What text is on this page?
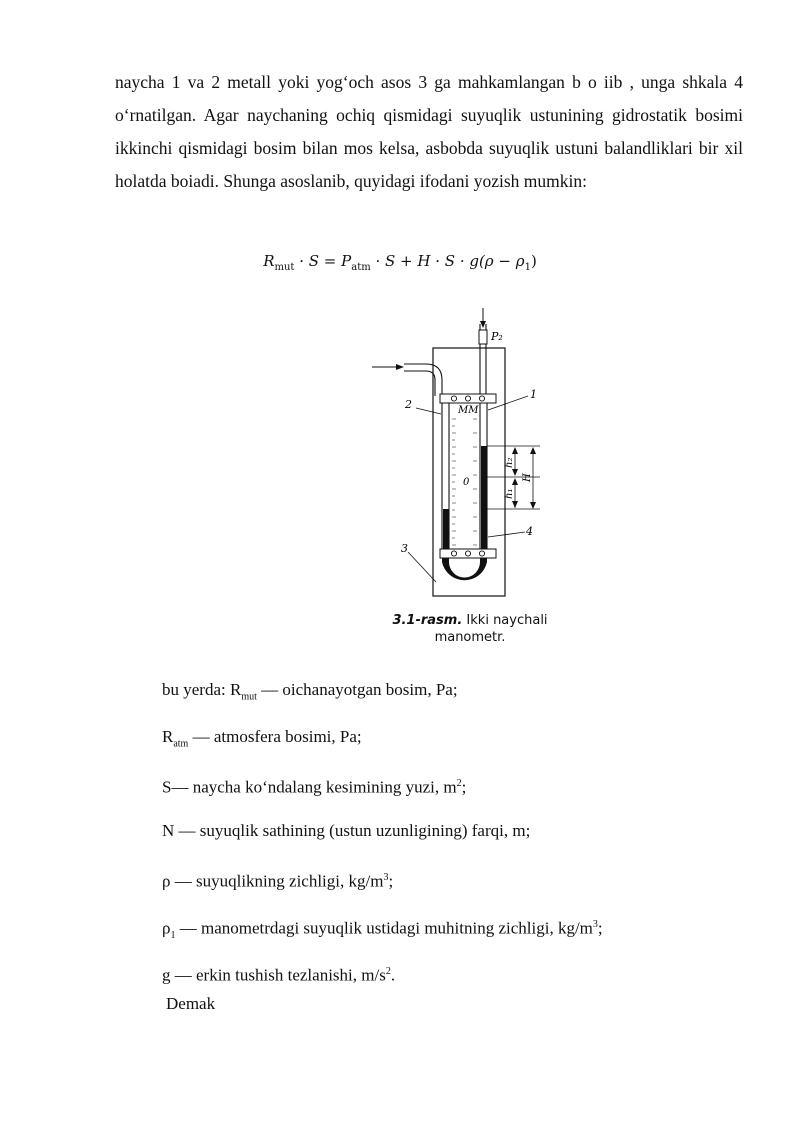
naycha 1 va 2 metall yoki yog‘och asos 3 ga mahkamlangan b o iib , unga shkala 4 o‘rnatilgan. Agar naychaning ochiq qismidagi suyuqlik ustunining gidrostatik bosimi ikkinchi qismidagi bosim bilan mos kelsa, asbobda suyuqlik ustuni balandliklari bir xil holatda boiadi. Shunga asoslanib, quyidagi ifodani yozish mumkin:

$R_{mut} \cdot S = P_{atm} \cdot S + H \cdot S \cdot g(\rho - \rho_1)$

P₂
MM
h₂
h₁
H
2
1
4
3
0

3.1-rasm. Ikki naychali
manometr.

bu yerda: $R_{mut}$ — oichanayotgan bosim, Pa;
$R_{atm}$ — atmosfera bosimi, Pa;
S— naycha ko‘ndalang kesimining yuzi, $m^2$;
N — suyuqlik sathining (ustun uzunligining) farqi, m;
ρ — suyuqlikning zichligi, $kg/m^3$;
$\rho_1$ — manometrdagi suyuqlik ustidagi muhitning zichligi, $kg/m^3$;
g — erkin tushish tezlanishi, $m/s^2$.

Demak
